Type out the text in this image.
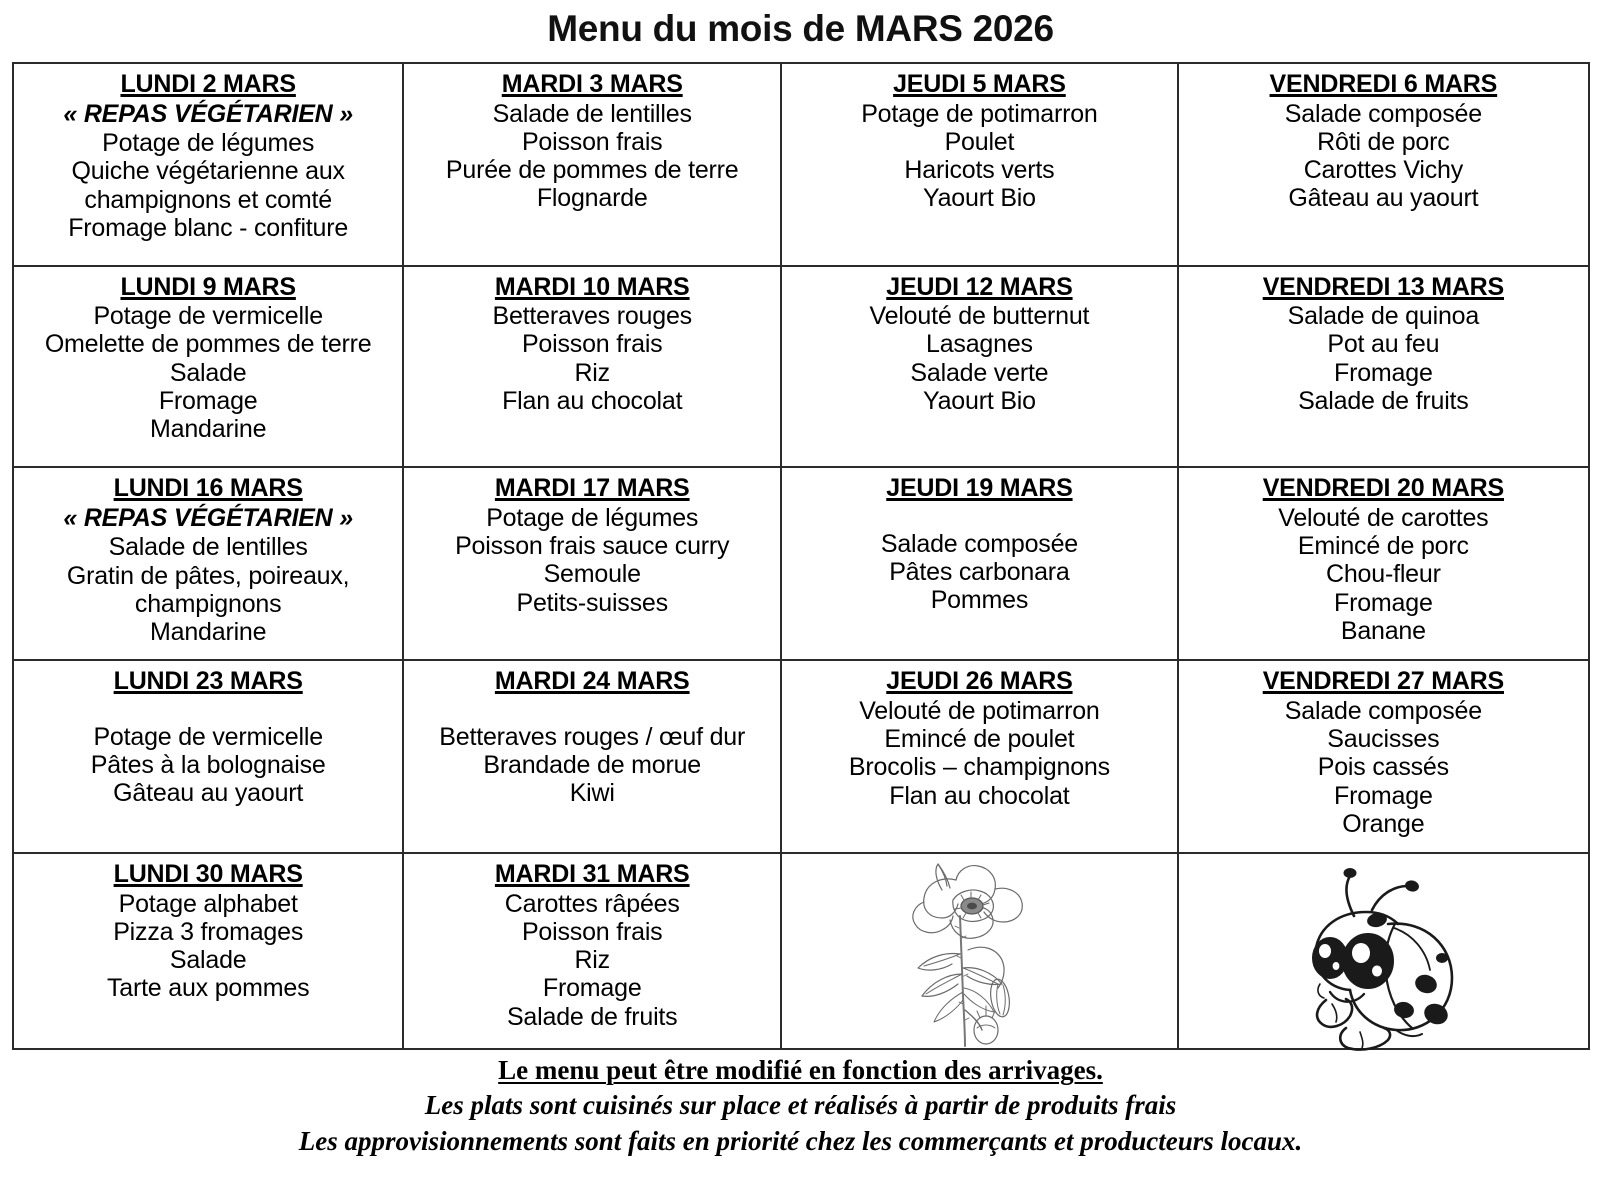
Menu du mois de MARS 2026
LUNDI 2 MARS
« REPAS VÉGÉTARIEN »
Potage de légumes
Quiche végétarienne aux
champignons et comté
Fromage blanc - confiture
MARDI 3 MARS
Salade de lentilles
Poisson frais
Purée de pommes de terre
Flognarde
JEUDI 5 MARS
Potage de potimarron
Poulet
Haricots verts
Yaourt Bio
VENDREDI 6 MARS
Salade composée
Rôti de porc
Carottes Vichy
Gâteau au yaourt
LUNDI 9 MARS
Potage de vermicelle
Omelette de pommes de terre
Salade
Fromage
Mandarine
MARDI 10 MARS
Betteraves rouges
Poisson frais
Riz
Flan au chocolat
JEUDI 12 MARS
Velouté de butternut
Lasagnes
Salade verte
Yaourt Bio
VENDREDI 13 MARS
Salade de quinoa
Pot au feu
Fromage
Salade de fruits
LUNDI 16 MARS
« REPAS VÉGÉTARIEN »
Salade de lentilles
Gratin de pâtes, poireaux,
champignons
Mandarine
MARDI 17 MARS
Potage de légumes
Poisson frais sauce curry
Semoule
Petits-suisses
JEUDI 19 MARS
Salade composée
Pâtes carbonara
Pommes
VENDREDI 20 MARS
Velouté de carottes
Emincé de porc
Chou-fleur
Fromage
Banane
LUNDI 23 MARS
Potage de vermicelle
Pâtes à la bolognaise
Gâteau au yaourt
MARDI 24 MARS
Betteraves rouges / œuf dur
Brandade de morue
Kiwi
JEUDI 26 MARS
Velouté de potimarron
Emincé de poulet
Brocolis – champignons
Flan au chocolat
VENDREDI 27 MARS
Salade composée
Saucisses
Pois cassés
Fromage
Orange
LUNDI 30 MARS
Potage alphabet
Pizza 3 fromages
Salade
Tarte aux pommes
MARDI 31 MARS
Carottes râpées
Poisson frais
Riz
Fromage
Salade de fruits
Le menu peut être modifié en fonction des arrivages.
Les plats sont cuisinés sur place et réalisés à partir de produits frais
Les approvisionnements sont faits en priorité chez les commerçants et producteurs locaux.
